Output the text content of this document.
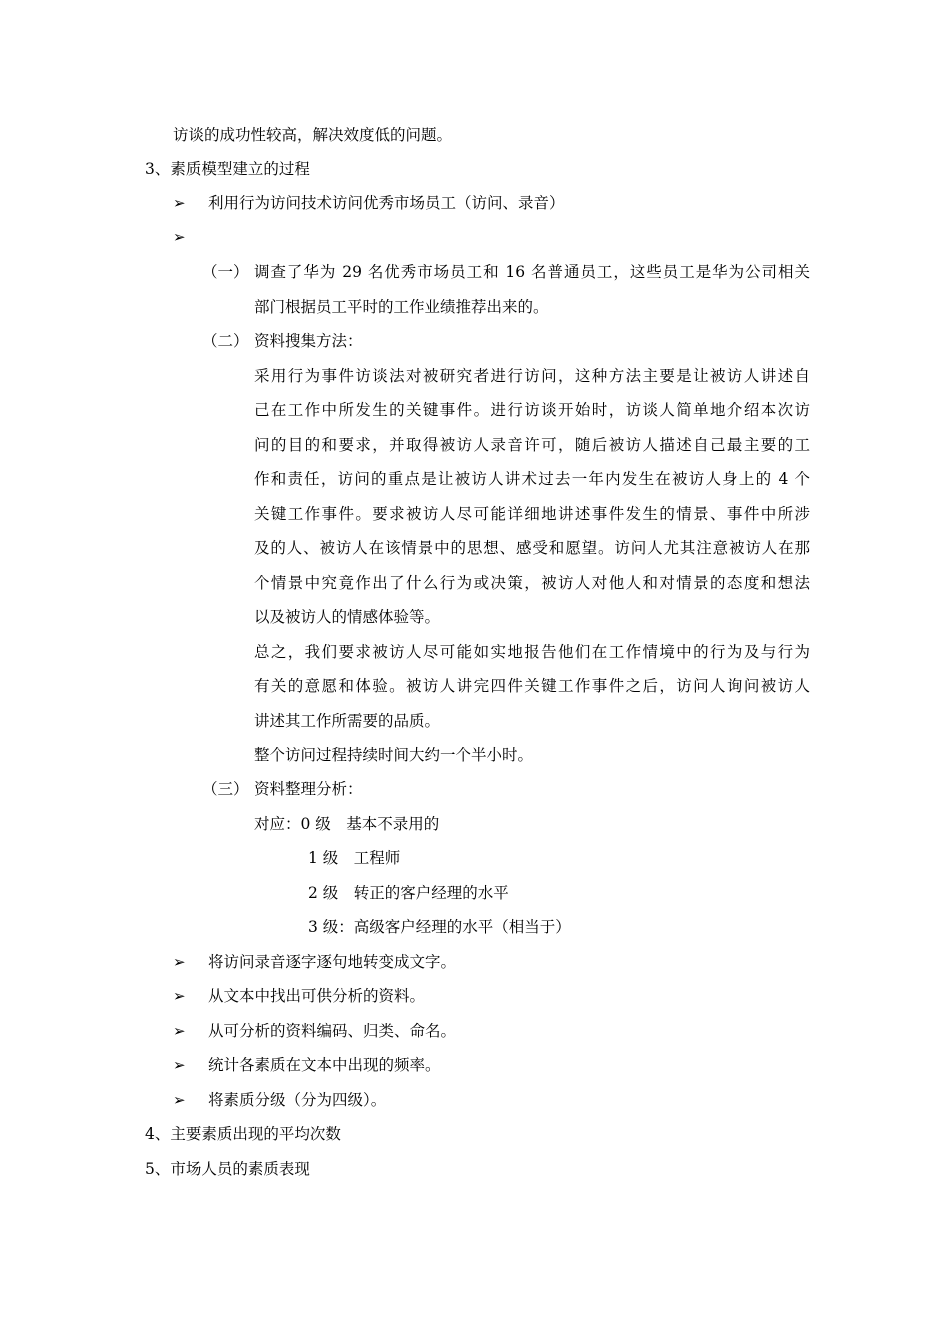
访谈的成功性较高，解决效度低的问题。
3、素质模型建立的过程
➢ 利用行为访问技术访问优秀市场员工（访问、录音）
➢
（一） 调查了华为 29 名优秀市场员工和 16 名普通员工，这些员工是华为公司相关
部门根据员工平时的工作业绩推荐出来的。
（二） 资料搜集方法：
采用行为事件访谈法对被研究者进行访问，这种方法主要是让被访人讲述自
己在工作中所发生的关键事件。进行访谈开始时，访谈人简单地介绍本次访
问的目的和要求，并取得被访人录音许可，随后被访人描述自己最主要的工
作和责任，访问的重点是让被访人讲术过去一年内发生在被访人身上的 4 个
关键工作事件。要求被访人尽可能详细地讲述事件发生的情景、事件中所涉
及的人、被访人在该情景中的思想、感受和愿望。访问人尤其注意被访人在那
个情景中究竟作出了什么行为或决策，被访人对他人和对情景的态度和想法
以及被访人的情感体验等。
总之，我们要求被访人尽可能如实地报告他们在工作情境中的行为及与行为
有关的意愿和体验。被访人讲完四件关键工作事件之后，访问人询问被访人
讲述其工作所需要的品质。
整个访问过程持续时间大约一个半小时。
（三） 资料整理分析：
对应：0 级　基本不录用的
1 级　工程师
2 级　转正的客户经理的水平
3 级：高级客户经理的水平（相当于）
➢ 将访问录音逐字逐句地转变成文字。
➢ 从文本中找出可供分析的资料。
➢ 从可分析的资料编码、归类、命名。
➢ 统计各素质在文本中出现的频率。
➢ 将素质分级（分为四级）。
4、主要素质出现的平均次数
5、市场人员的素质表现
